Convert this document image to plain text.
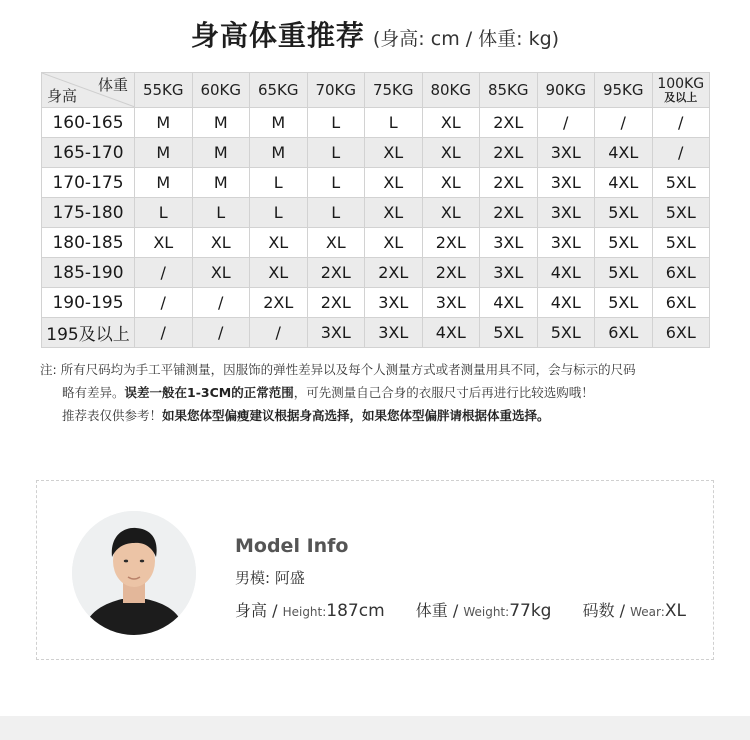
身高体重推荐 (身高: cm / 体重: kg)
体重
身高	55KG	60KG	65KG	70KG	75KG	80KG	85KG	90KG	95KG	100KG
及以上

160-165	M	M	M	L	L	XL	2XL	/	/	/
165-170	M	M	M	L	XL	XL	2XL	3XL	4XL	/
170-175	M	M	L	L	XL	XL	2XL	3XL	4XL	5XL
175-180	L	L	L	L	XL	XL	2XL	3XL	5XL	5XL
180-185	XL	XL	XL	XL	XL	2XL	3XL	3XL	5XL	5XL
185-190	/	XL	XL	2XL	2XL	2XL	3XL	4XL	5XL	6XL
190-195	/	/	2XL	2XL	3XL	3XL	4XL	4XL	5XL	6XL
195及以上	/	/	/	3XL	3XL	4XL	5XL	5XL	6XL	6XL
注: 所有尺码均为手工平铺测量，因服饰的弹性差异以及每个人测量方式或者测量用具不同，会与标示的尺码
略有差异。误差一般在1-3CM的正常范围，可先测量自己合身的衣服尺寸后再进行比较选购哦！
推荐表仅供参考！如果您体型偏瘦建议根据身高选择，如果您体型偏胖请根据体重选择。
Model Info
男模: 阿盛
身高 / Height:187cm 体重 / Weight:77kg 码数 / Wear:XL
